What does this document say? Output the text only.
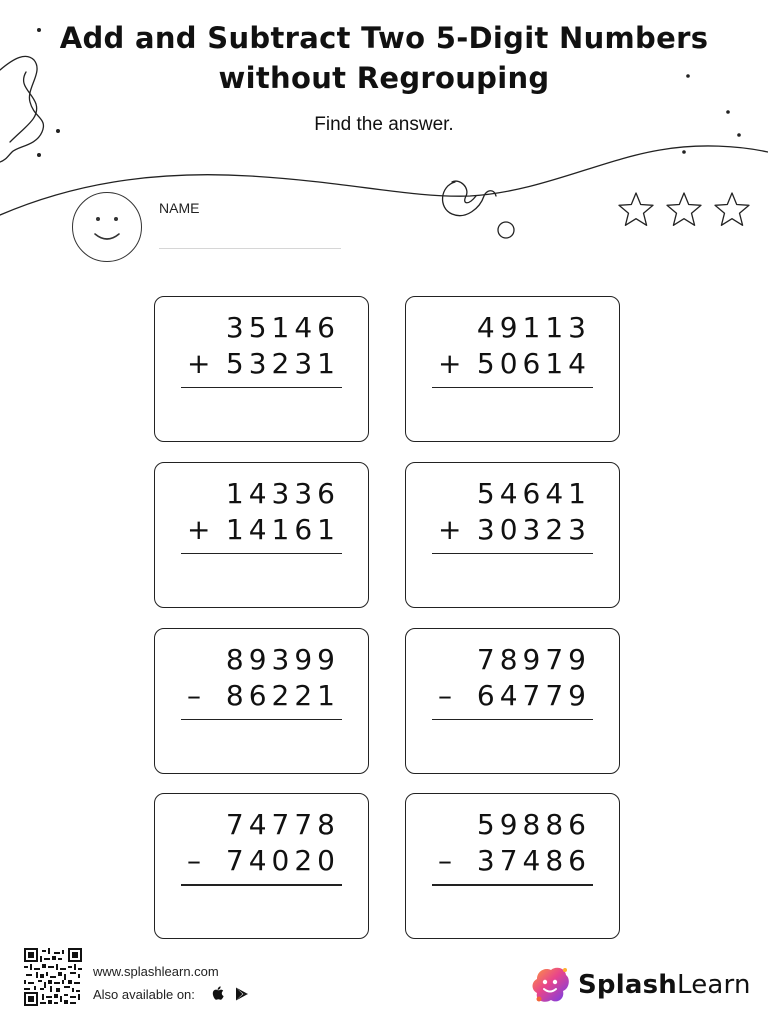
Add and Subtract Two 5-Digit Numbers
without Regrouping
Find the answer.
NAME
35146
+ 53231
49113
+ 50614
14336
+ 14161
54641
+ 30323
89399
– 86221
78979
– 64779
74778
– 74020
59886
– 37486
www.splashlearn.com
Also available on:	SplashLearn
